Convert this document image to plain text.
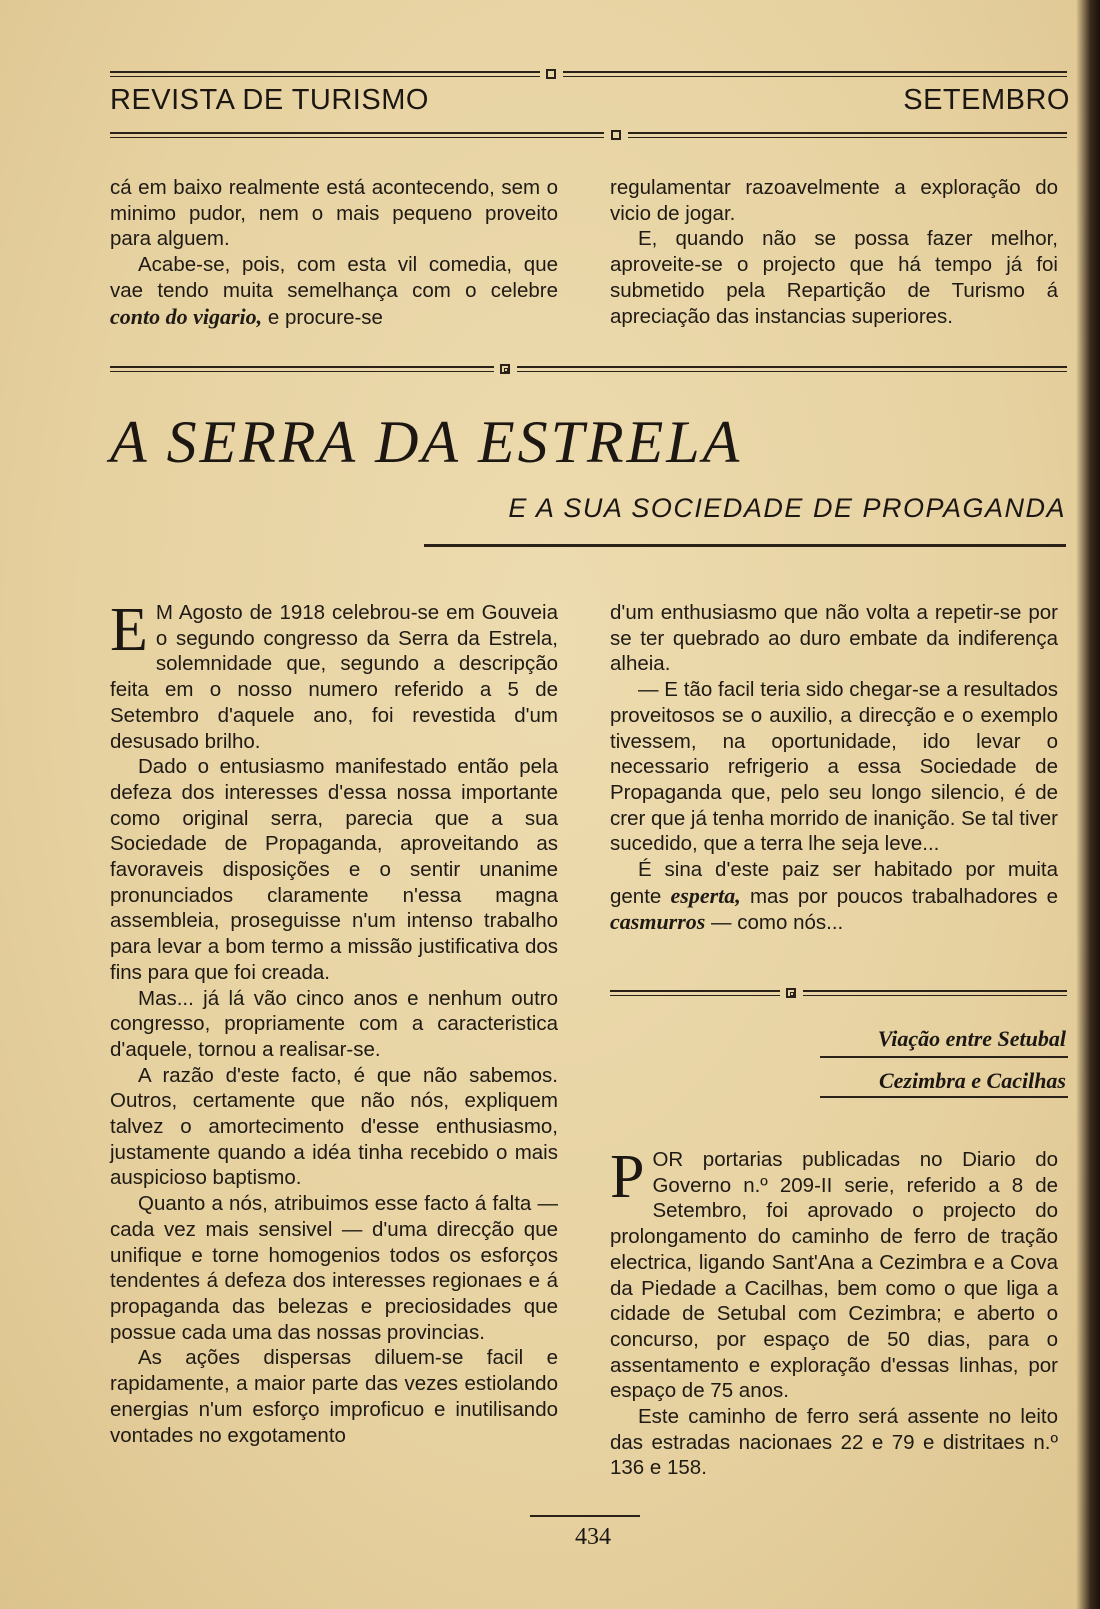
REVISTA DE TURISMO	SETEMBRO

cá em baixo realmente está acontecendo, sem o minimo pudor, nem o mais pequeno proveito para alguem.

Acabe-se, pois, com esta vil comedia, que vae tendo muita semelhança com o celebre conto do vigario, e procure-se

regulamentar razoavelmente a exploração do vicio de jogar.

E, quando não se possa fazer melhor, aproveite-se o projecto que há tempo já foi submetido pela Repartição de Turismo á apreciação das instancias superiores.

A SERRA DA ESTRELA
E A SUA SOCIEDADE DE PROPAGANDA

E M Agosto de 1918 celebrou-se em Gouveia o segundo congresso da Serra da Estrela, solemnidade que, segundo a descripção feita em o nosso numero referido a 5 de Setembro d'aquele ano, foi revestida d'um desusado brilho.

Dado o entusiasmo manifestado então pela defeza dos interesses d'essa nossa importante como original serra, parecia que a sua Sociedade de Propaganda, aproveitando as favoraveis disposições e o sentir unanime pronunciados claramente n'essa magna assembleia, proseguisse n'um intenso trabalho para levar a bom termo a missão justificativa dos fins para que foi creada.

Mas... já lá vão cinco anos e nenhum outro congresso, propriamente com a caracteristica d'aquele, tornou a realisar-se.

A razão d'este facto, é que não sabemos. Outros, certamente que não nós, expliquem talvez o amortecimento d'esse enthusiasmo, justamente quando a idéa tinha recebido o mais auspicioso baptismo.

Quanto a nós, atribuimos esse facto á falta — cada vez mais sensivel — d'uma direcção que unifique e torne homogenios todos os esforços tendentes á defeza dos interesses regionaes e á propaganda das belezas e preciosidades que possue cada uma das nossas provincias.

As ações dispersas diluem-se facil e rapidamente, a maior parte das vezes estiolando energias n'um esforço improficuo e inutilisando vontades no exgotamento

d'um enthusiasmo que não volta a repetir-se por se ter quebrado ao duro embate da indiferença alheia.

— E tão facil teria sido chegar-se a resultados proveitosos se o auxilio, a direcção e o exemplo tivessem, na oportunidade, ido levar o necessario refrigerio a essa Sociedade de Propaganda que, pelo seu longo silencio, é de crer que já tenha morrido de inanição. Se tal tiver sucedido, que a terra lhe seja leve...

É sina d'este paiz ser habitado por muita gente esperta, mas por poucos trabalhadores e casmurros — como nós...

Viação entre Setubal
Cezimbra e Cacilhas

POR portarias publicadas no Diario do Governo n.º 209-II serie, referido a 8 de Setembro, foi aprovado o projecto do prolongamento do caminho de ferro de tração electrica, ligando Sant'Ana a Cezimbra e a Cova da Piedade a Cacilhas, bem como o que liga a cidade de Setubal com Cezimbra; e aberto o concurso, por espaço de 50 dias, para o assentamento e exploração d'essas linhas, por espaço de 75 anos.

Este caminho de ferro será assente no leito das estradas nacionaes 22 e 79 e distritaes n.º 136 e 158.

434
